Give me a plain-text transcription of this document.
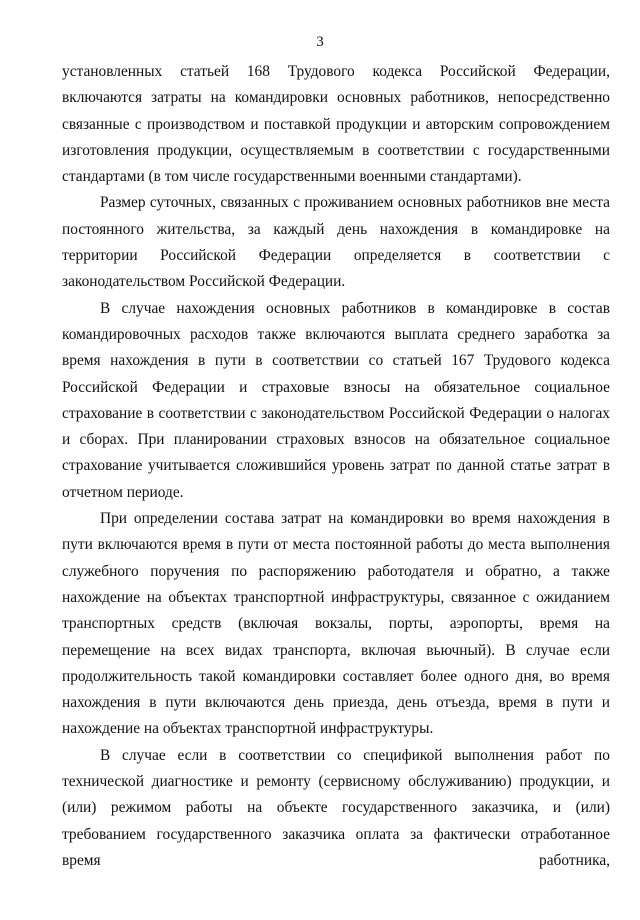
3

установленных статьей 168 Трудового кодекса Российской Федерации, включаются затраты на командировки основных работников, непосредственно связанные с производством и поставкой продукции и авторским сопровождением изготовления продукции, осуществляемым в соответствии с государственными стандартами (в том числе государственными военными стандартами).

Размер суточных, связанных с проживанием основных работников вне места постоянного жительства, за каждый день нахождения в командировке на территории Российской Федерации определяется в соответствии с законодательством Российской Федерации.

В случае нахождения основных работников в командировке в состав командировочных расходов также включаются выплата среднего заработка за время нахождения в пути в соответствии со статьей 167 Трудового кодекса Российской Федерации и страховые взносы на обязательное социальное страхование в соответствии с законодательством Российской Федерации о налогах и сборах. При планировании страховых взносов на обязательное социальное страхование учитывается сложившийся уровень затрат по данной статье затрат в отчетном периоде.

При определении состава затрат на командировки во время нахождения в пути включаются время в пути от места постоянной работы до места выполнения служебного поручения по распоряжению работодателя и обратно, а также нахождение на объектах транспортной инфраструктуры, связанное с ожиданием транспортных средств (включая вокзалы, порты, аэропорты, время на перемещение на всех видах транспорта, включая вьючный). В случае если продолжительность такой командировки составляет более одного дня, во время нахождения в пути включаются день приезда, день отъезда, время в пути и нахождение на объектах транспортной инфраструктуры.

В случае если в соответствии со спецификой выполнения работ по технической диагностике и ремонту (сервисному обслуживанию) продукции, и (или) режимом работы на объекте государственного заказчика, и (или) требованием государственного заказчика оплата за фактически отработанное время работника,
